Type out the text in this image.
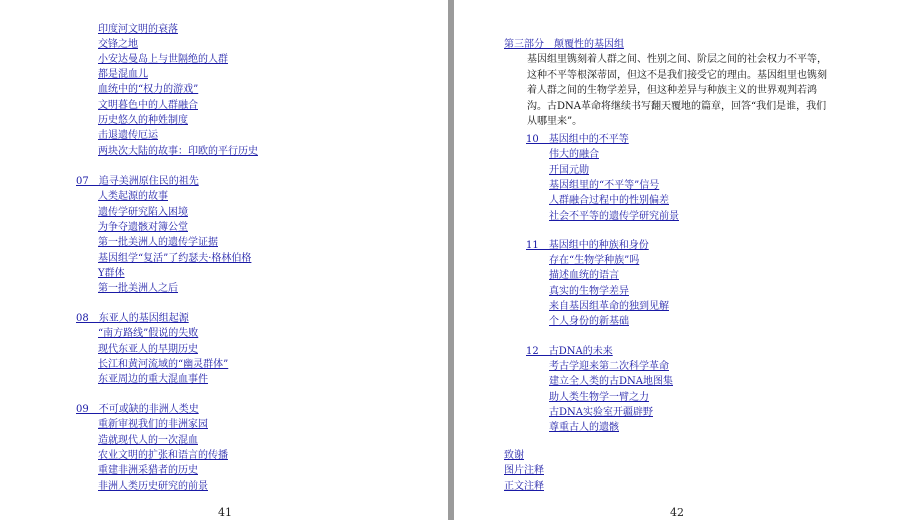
印度河文明的衰落
交锋之地
小安达曼岛上与世隔绝的人群
都是混血儿
血统中的“权力的游戏”
文明暮色中的人群融合
历史悠久的种姓制度
击退遗传厄运
两块次大陆的故事：印欧的平行历史
07　追寻美洲原住民的祖先
人类起源的故事
遗传学研究陷入困境
为争夺遗骸对簿公堂
第一批美洲人的遗传学证据
基因组学“复活”了约瑟夫·格林伯格
Y群体
第一批美洲人之后
08　东亚人的基因组起源
“南方路线”假说的失败
现代东亚人的早期历史
长江和黄河流域的“幽灵群体”
东亚周边的重大混血事件
09　不可或缺的非洲人类史
重新审视我们的非洲家园
造就现代人的一次混血
农业文明的扩张和语言的传播
重建非洲采猎者的历史
非洲人类历史研究的前景
41
第三部分　颠覆性的基因组
基因组里镌刻着人群之间、性别之间、阶层之间的社会权力不平等，这种不平等根深蒂固，但这不是我们接受它的理由。基因组里也镌刻着人群之间的生物学差异，但这种差异与种族主义的世界观判若鸿沟。古DNA革命将继续书写翻天覆地的篇章，回答“我们是谁，我们从哪里来”。
10　基因组中的不平等
伟大的融合
开国元勋
基因组里的“不平等”信号
人群融合过程中的性别偏差
社会不平等的遗传学研究前景
11　基因组中的种族和身份
存在“生物学种族”吗
描述血统的语言
真实的生物学差异
来自基因组革命的独到见解
个人身份的新基础
12　古DNA的未来
考古学迎来第二次科学革命
建立全人类的古DNA地图集
助人类生物学一臂之力
古DNA实验室开疆辟野
尊重古人的遗骸
致谢
图片注释
正文注释
42
